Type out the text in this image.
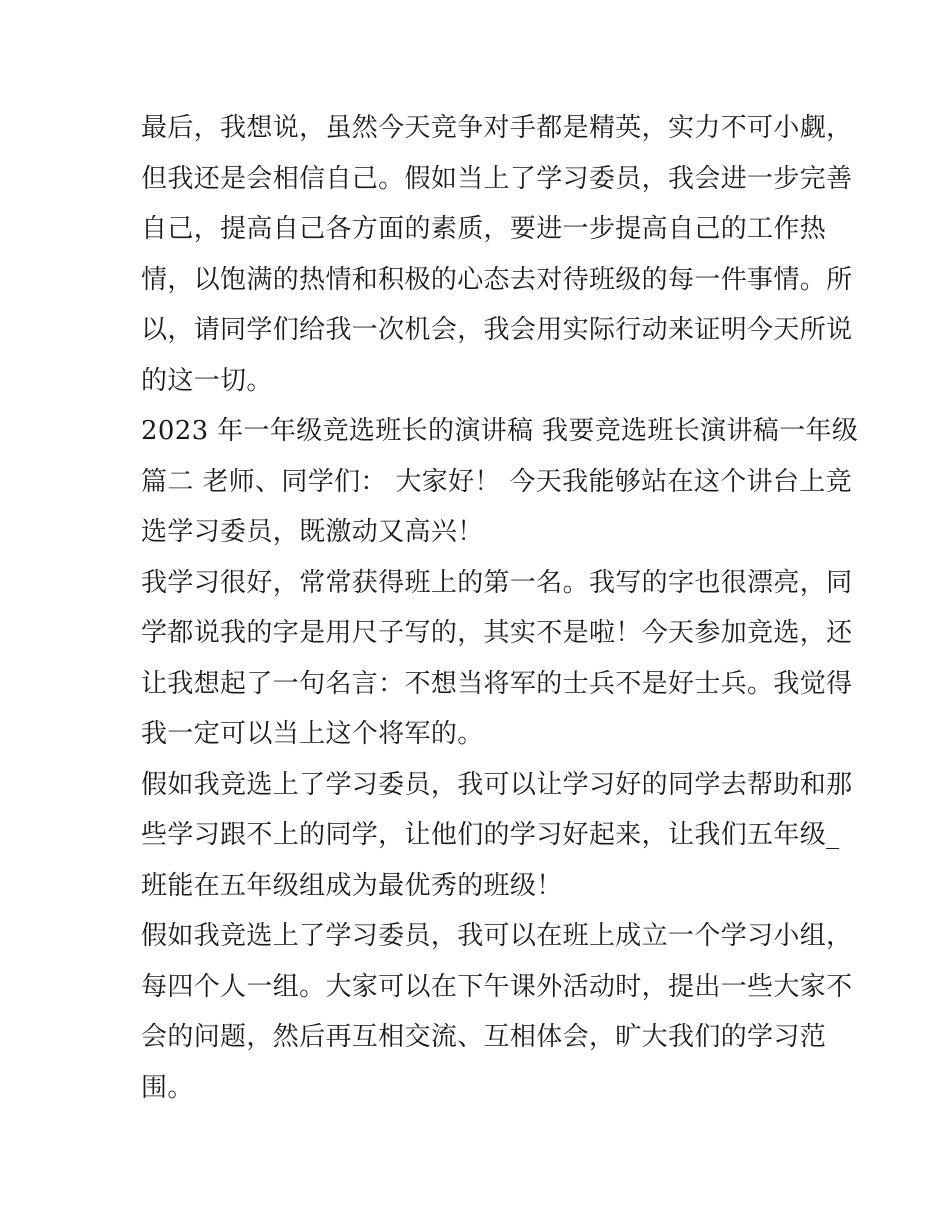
最后，我想说，虽然今天竞争对手都是精英，实力不可小觑，
但我还是会相信自己。假如当上了学习委员，我会进一步完善
自己，提高自己各方面的素质，要进一步提高自己的工作热
情，以饱满的热情和积极的心态去对待班级的每一件事情。所
以，请同学们给我一次机会，我会用实际行动来证明今天所说
的这一切。
2023 年一年级竞选班长的演讲稿 我要竞选班长演讲稿一年级
篇二 老师、同学们： 大家好！ 今天我能够站在这个讲台上竞
选学习委员，既激动又高兴！
我学习很好，常常获得班上的第一名。我写的字也很漂亮，同
学都说我的字是用尺子写的，其实不是啦！今天参加竞选，还
让我想起了一句名言：不想当将军的士兵不是好士兵。我觉得
我一定可以当上这个将军的。
假如我竞选上了学习委员，我可以让学习好的同学去帮助和那
些学习跟不上的同学，让他们的学习好起来，让我们五年级_
班能在五年级组成为最优秀的班级！
假如我竞选上了学习委员，我可以在班上成立一个学习小组，
每四个人一组。大家可以在下午课外活动时，提出一些大家不
会的问题，然后再互相交流、互相体会，旷大我们的学习范
围。
